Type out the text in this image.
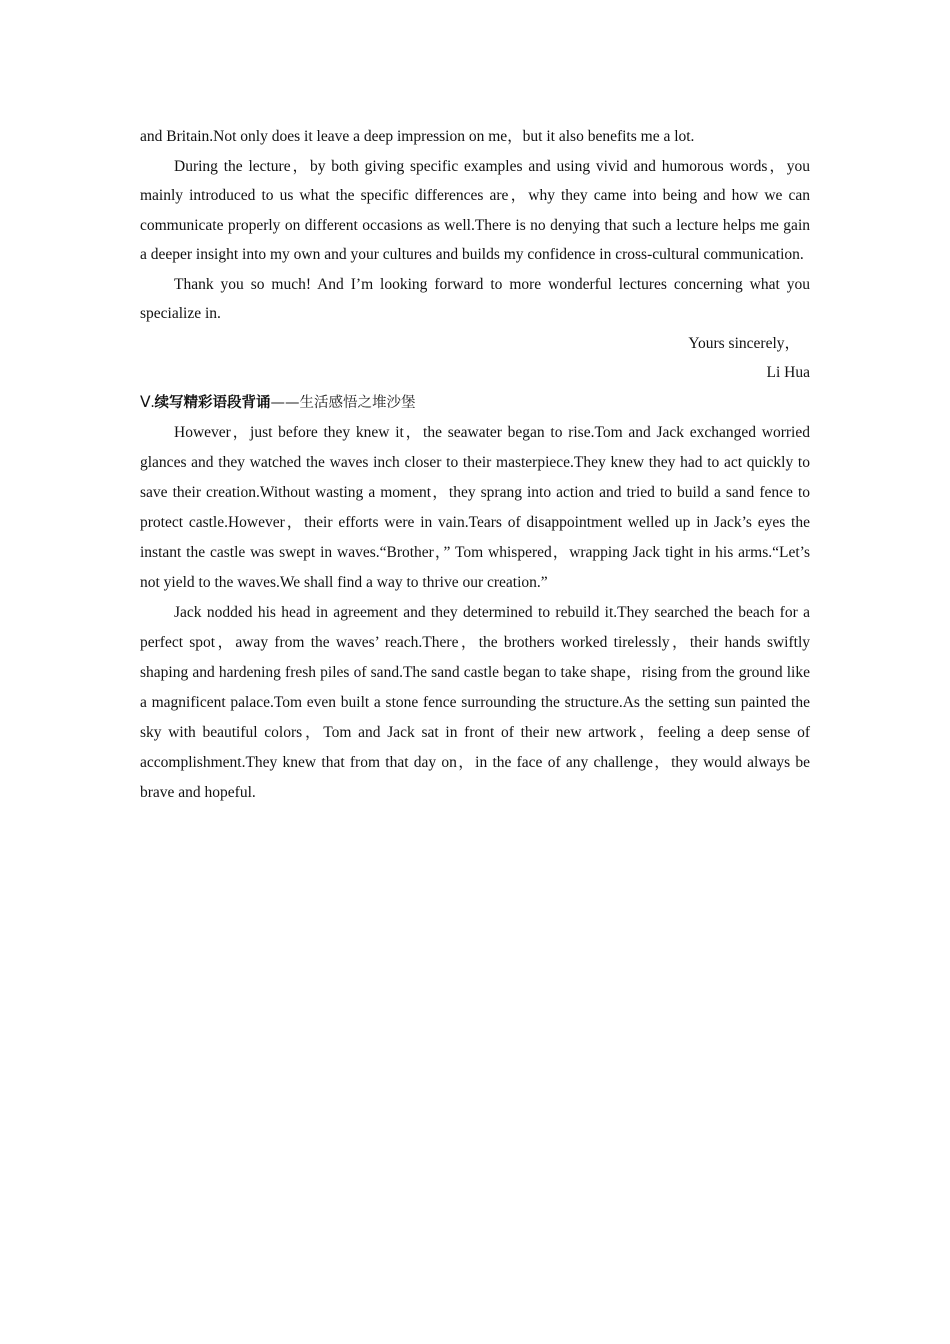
and Britain.Not only does it leave a deep impression on me，but it also benefits me a lot.

During the lecture，by both giving specific examples and using vivid and humorous words，you mainly introduced to us what the specific differences are，why they came into being and how we can communicate properly on different occasions as well.There is no denying that such a lecture helps me gain a deeper insight into my own and your cultures and builds my confidence in cross-cultural communication.

Thank you so much! And I’m looking forward to more wonderful lectures concerning what you specialize in.

Yours sincerely，

Li Hua

Ⅴ.续写精彩语段背诵——生活感悟之堆沙堡

However，just before they knew it，the seawater began to rise.Tom and Jack exchanged worried glances and they watched the waves inch closer to their masterpiece.They knew they had to act quickly to save their creation.Without wasting a moment，they sprang into action and tried to build a sand fence to protect castle.However，their efforts were in vain.Tears of disappointment welled up in Jack’s eyes the instant the castle was swept in waves.“Brother，” Tom whispered，wrapping Jack tight in his arms.“Let’s not yield to the waves.We shall find a way to thrive our creation.”

Jack nodded his head in agreement and they determined to rebuild it.They searched the beach for a perfect spot，away from the waves’ reach.There，the brothers worked tirelessly，their hands swiftly shaping and hardening fresh piles of sand.The sand castle began to take shape，rising from the ground like a magnificent palace.Tom even built a stone fence surrounding the structure.As the setting sun painted the sky with beautiful colors，Tom and Jack sat in front of their new artwork，feeling a deep sense of accomplishment.They knew that from that day on，in the face of any challenge，they would always be brave and hopeful.
